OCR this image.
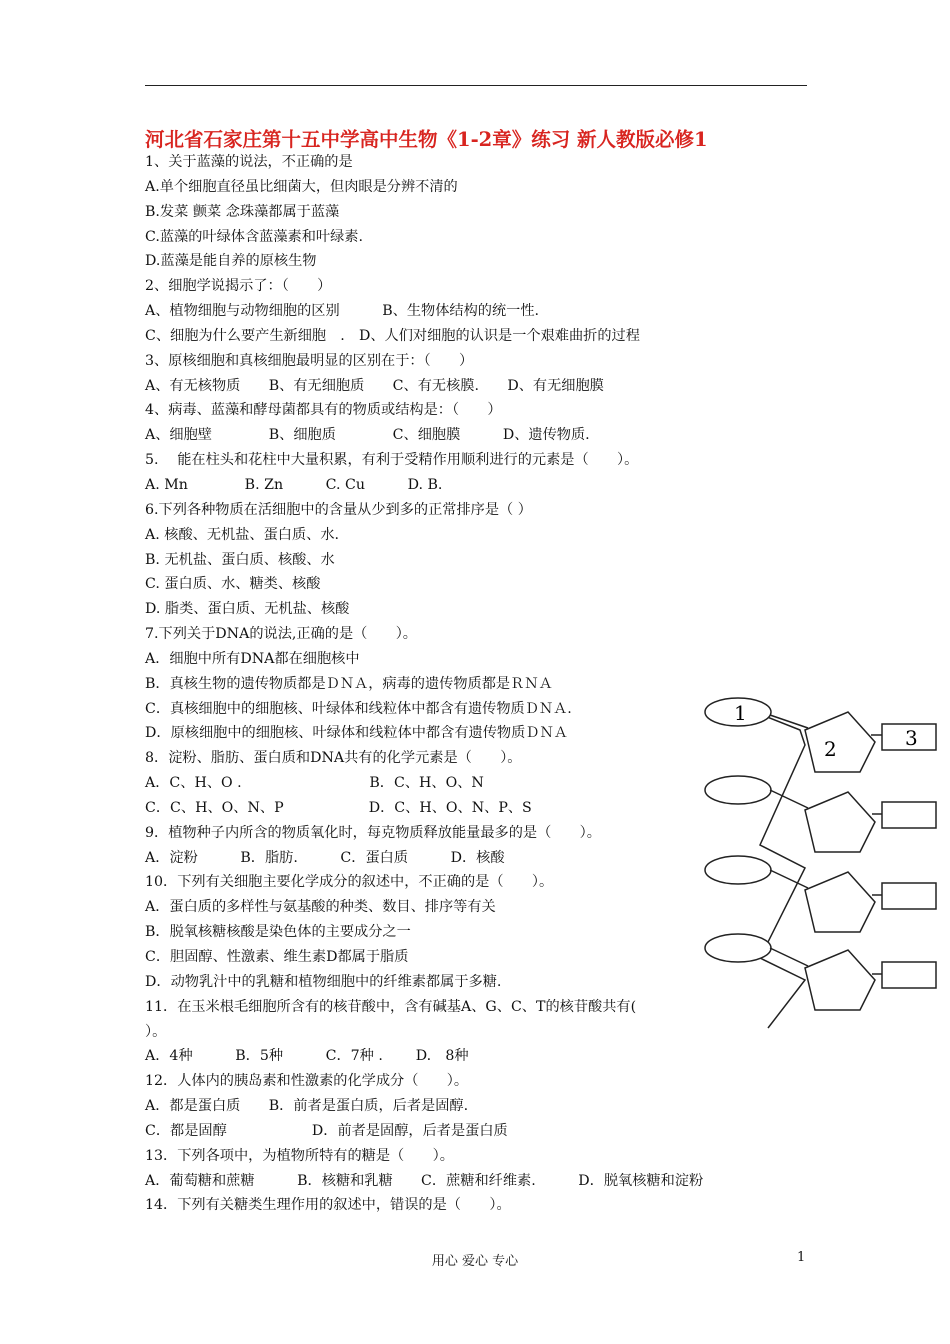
河北省石家庄第十五中学高中生物《1-2章》练习 新人教版必修1
1、关于蓝藻的说法，不正确的是
A.单个细胞直径虽比细菌大，但肉眼是分辨不清的
B.发菜 颤菜 念珠藻都属于蓝藻
C.蓝藻的叶绿体含蓝藻素和叶绿素.
D.蓝藻是能自养的原核生物
2、细胞学说揭示了：（　　）
A、植物细胞与动物细胞的区别　　　B、生物体结构的统一性.
C、细胞为什么要产生新细胞　.　D、人们对细胞的认识是一个艰难曲折的过程
3、原核细胞和真核细胞最明显的区别在于：（　　）
A、有无核物质　　B、有无细胞质　　C、有无核膜.　　D、有无细胞膜
4、病毒、蓝藻和酵母菌都具有的物质或结构是：（　　）
A、细胞壁　　　　B、细胞质　　　　C、细胞膜　　　D、遗传物质.
5.　 能在柱头和花柱中大量积累，有利于受精作用顺利进行的元素是（　　）。
A. Mn　　　　B. Zn　　　C. Cu　　　D. B.
6.下列各种物质在活细胞中的含量从少到多的正常排序是（ ）
A. 核酸、无机盐、蛋白质、水.
B. 无机盐、蛋白质、核酸、水
C. 蛋白质、水、糖类、核酸
D. 脂类、蛋白质、无机盐、核酸
7.下列关于DNA的说法,正确的是（　　）。
A．细胞中所有DNA都在细胞核中
B．真核生物的遗传物质都是ＤＮＡ，病毒的遗传物质都是ＲＮＡ
C．真核细胞中的细胞核、叶绿体和线粒体中都含有遗传物质ＤＮＡ.
D．原核细胞中的细胞核、叶绿体和线粒体中都含有遗传物质ＤＮＡ
8．淀粉、脂肪、蛋白质和DNA共有的化学元素是（　　）。
A．C、H、O .　　　　　　　　　B．C、H、O、N
C．C、H、O、N、P　　　　　　D．C、H、O、N、P、S
9．植物种子内所含的物质氧化时，每克物质释放能量最多的是（　　）。
A．淀粉　　　B．脂肪.　　　C．蛋白质　　　D．核酸
10．下列有关细胞主要化学成分的叙述中，不正确的是（　　）。
A．蛋白质的多样性与氨基酸的种类、数目、排序等有关
B．脱氧核糖核酸是染色体的主要成分之一
C．胆固醇、性激素、维生素D都属于脂质
D．动物乳汁中的乳糖和植物细胞中的纤维素都属于多糖.
11．在玉米根毛细胞所含有的核苷酸中，含有碱基A、G、C、T的核苷酸共有(
）。
A．4种　　　B．5种　　　C．7种 .　　 D.　8种
12．人体内的胰岛素和性激素的化学成分（　　）。
A．都是蛋白质　　B．前者是蛋白质，后者是固醇.
C．都是固醇　　　　　　D．前者是固醇，后者是蛋白质
13．下列各项中，为植物所特有的糖是（　　）。
A．葡萄糖和蔗糖　　　B．核糖和乳糖　　C．蔗糖和纤维素.　　　D．脱氧核糖和淀粉
14．下列有关糖类生理作用的叙述中，错误的是（　　）。
1
2	3
用心 爱心 专心	1
